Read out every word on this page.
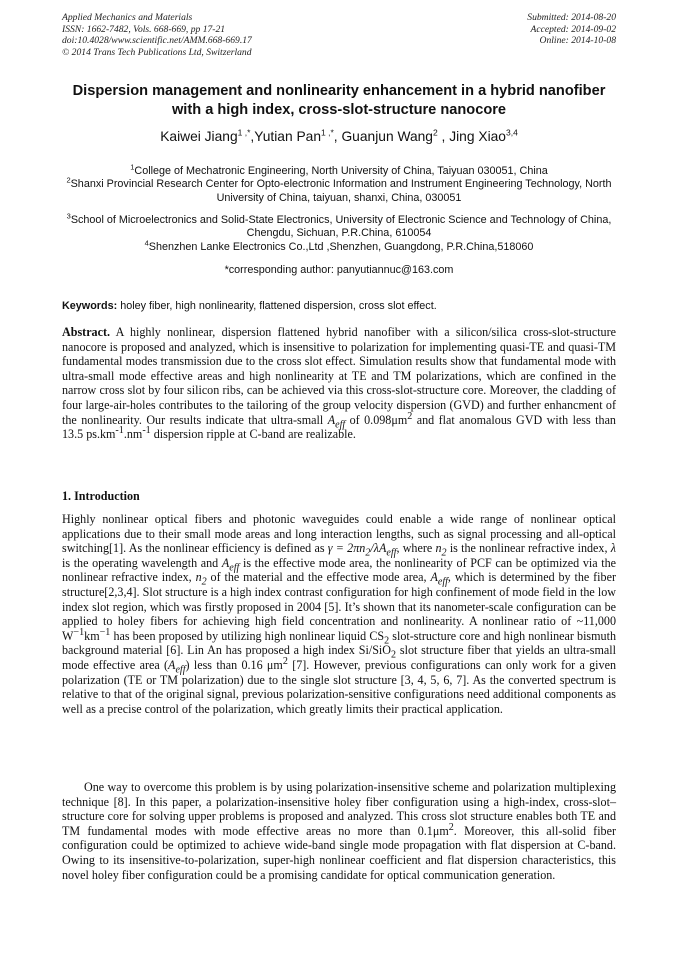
Applied Mechanics and Materials
ISSN: 1662-7482, Vols. 668-669, pp 17-21
doi:10.4028/www.scientific.net/AMM.668-669.17
© 2014 Trans Tech Publications Ltd, Switzerland
Submitted: 2014-08-20
Accepted: 2014-09-02
Online: 2014-10-08
Dispersion management and nonlinearity enhancement in a hybrid nanofiber with a high index, cross-slot-structure nanocore
Kaiwei Jiang$^{1 ,*}$,Yutian Pan$^{1 ,*}$, Guanjun Wang$^2$ , Jing Xiao$^{3,4}$
$^1$College of Mechatronic Engineering, North University of China, Taiyuan 030051, China
$^2$Shanxi Provincial Research Center for Opto-electronic Information and Instrument Engineering Technology, North University of China, taiyuan, shanxi, China, 030051
$^3$School of Microelectronics and Solid-State Electronics, University of Electronic Science and Technology of China, Chengdu, Sichuan, P.R.China, 610054
$^4$Shenzhen Lanke Electronics Co.,Ltd ,Shenzhen, Guangdong, P.R.China,518060
*corresponding author: panyutiannuc@163.com
Keywords: holey fiber, high nonlinearity, flattened dispersion, cross slot effect.
Abstract. A highly nonlinear, dispersion flattened hybrid nanofiber with a silicon/silica cross-slot-structure nanocore is proposed and analyzed, which is insensitive to polarization for implementing quasi-TE and quasi-TM fundamental modes transmission due to the cross slot effect. Simulation results show that fundamental mode with ultra-small mode effective areas and high nonlinearity at TE and TM polarizations, which are confined in the narrow cross slot by four silicon ribs, can be achieved via this cross-slot-structure core. Moreover, the cladding of four large-air-holes contributes to the tailoring of the group velocity dispersion (GVD) and further enhancment of the nonlinearity. Our results indicate that ultra-small $A_{eff}$ of $0.098\mu m^2$ and flat anomalous GVD with less than 13.5 $ps.km^{-1}.nm^{-1}$ dispersion ripple at C-band are realizable.
1. Introduction
Highly nonlinear optical fibers and photonic waveguides could enable a wide range of nonlinear optical applications due to their small mode areas and long interaction lengths, such as signal processing and all-optical switching[1]. As the nonlinear efficiency is defined as $\gamma = 2\pi n_2/\lambda A_{eff}$, where $n_2$ is the nonlinear refractive index, λ is the operating wavelength and $A_{eff}$ is the effective mode area, the nonlinearity of PCF can be optimized via the nonlinear refractive index, $n_2$ of the material and the effective mode area, $A_{eff}$, which is determined by the fiber structure[2,3,4]. Slot structure is a high index contrast configuration for high confinement of mode field in the low index slot region, which was firstly proposed in 2004 [5]. It’s shown that its nanometer-scale configuration can be applied to holey fibers for achieving high field concentration and nonlinearity. A nonlinear ratio of ~11,000 $W^{-1}km^{-1}$ has been proposed by utilizing high nonlinear liquid $CS_2$ slot-structure core and high nonlinear bismuth background material [6]. Lin An has proposed a high index Si/SiO$_2$ slot structure fiber that yields an ultra-small mode effective area $(A_{eff})$ less than 0.16 $\mu m^2$ [7]. However, previous configurations can only work for a given polarization (TE or TM polarization) due to the single slot structure [3, 4, 5, 6, 7]. As the converted spectrum is relative to that of the original signal, previous polarization-sensitive configurations need additional components as well as a precise control of the polarization, which greatly limits their practical application.
One way to overcome this problem is by using polarization-insensitive scheme and polarization multiplexing technique [8]. In this paper, a polarization-insensitive holey fiber configuration using a high-index, cross-slot–structure core for solving upper problems is proposed and analyzed. This cross slot structure enables both TE and TM fundamental modes with mode effective areas no more than $0.1\mu m^2$. Moreover, this all-solid fiber configuration could be optimized to achieve wide-band single mode propagation with flat dispersion at C-band. Owing to its insensitive-to-polarization, super-high nonlinear coefficient and flat dispersion characteristics, this novel holey fiber configuration could be a promising candidate for optical communication generation.
